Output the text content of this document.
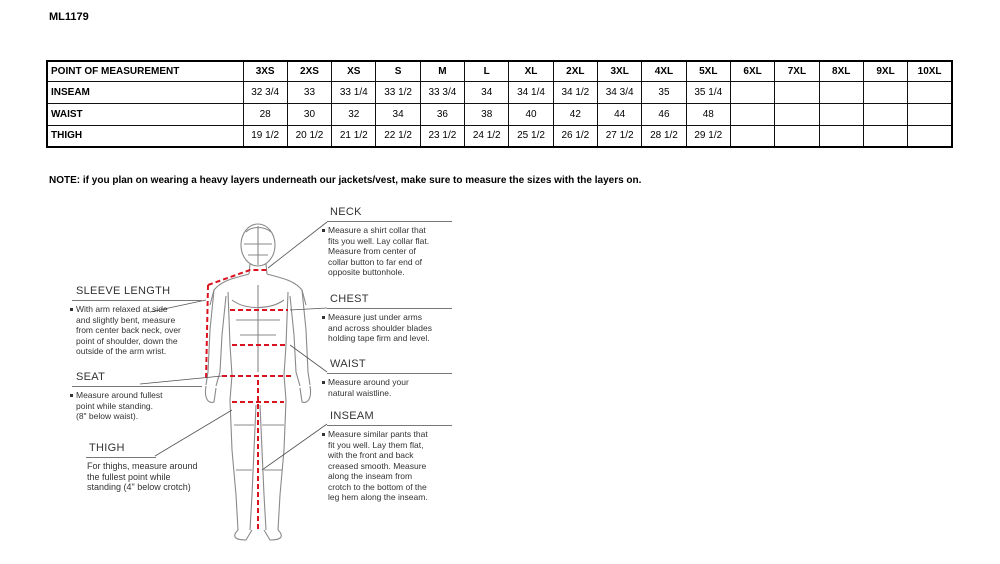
ML1179
POINT OF MEASUREMENT	3XS	2XS	XS	S	M	L	XL	2XL	3XL	4XL	5XL	6XL	7XL	8XL	9XL	10XL
INSEAM	32 3/4	33	33 1/4	33 1/2	33 3/4	34	34 1/4	34 1/2	34 3/4	35	35 1/4					
WAIST	28	30	32	34	36	38	40	42	44	46	48					
THIGH	19 1/2	20 1/2	21 1/2	22 1/2	23 1/2	24 1/2	25 1/2	26 1/2	27 1/2	28 1/2	29 1/2					
NOTE: if you plan on wearing a heavy layers underneath our jackets/vest, make sure to measure the sizes with the layers on.
NECK
Measure a shirt collar that
fits you well. Lay collar flat.
Measure from center of
collar button to far end of
opposite buttonhole.
CHEST
Measure just under arms
and across shoulder blades
holding tape firm and level.
WAIST
Measure around your
natural waistline.
INSEAM
Measure similar pants that
fit you well. Lay them flat,
with the front and back
creased smooth. Measure
along the inseam from
crotch to the bottom of the
leg hem along the inseam.
SLEEVE LENGTH
With arm relaxed at side
and slightly bent, measure
from center back neck, over
point of shoulder, down the
outside of the arm wrist.
SEAT
Measure around fullest
point while standing.
(8" below waist).
THIGH
For thighs, measure around
the fullest point while
standing (4" below crotch)
